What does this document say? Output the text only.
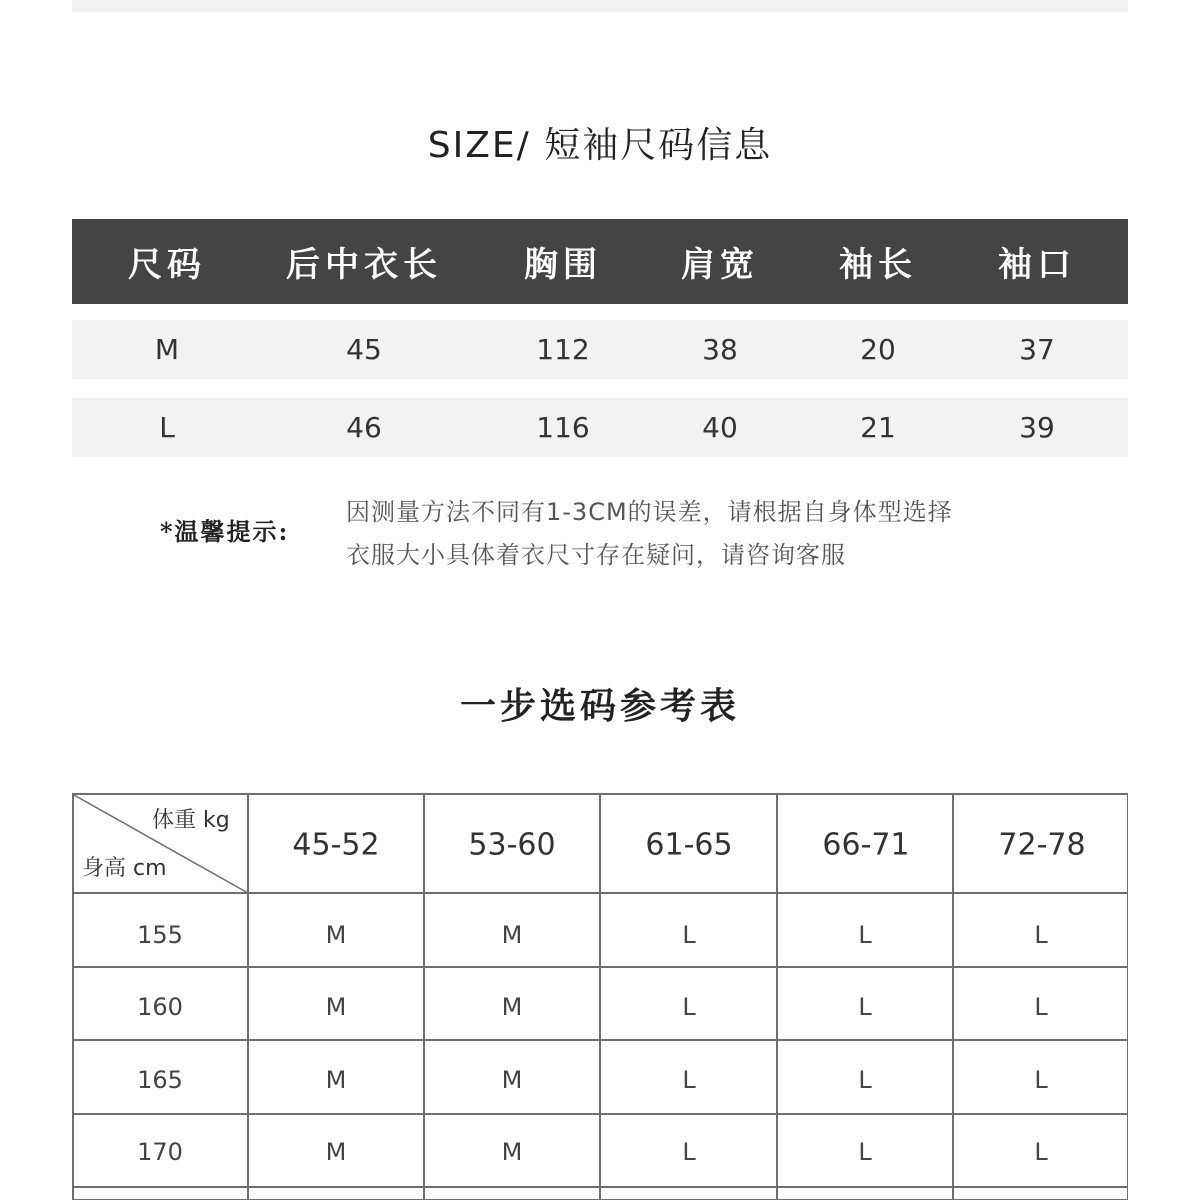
SIZE/ 短袖尺码信息
尺码 后中衣长 胸围 肩宽 袖长 袖口
M	45	112	38	20	37
L	46	116	40	21	39
*温馨提示:
因测量方法不同有1-3CM的误差，请根据自身体型选择
衣服大小具体着衣尺寸存在疑问，请咨询客服
一步选码参考表
体重 kg
身高 cm
45-52	53-60	61-65	66-71	72-78
155	M	M	L	L	L
160	M	M	L	L	L
165	M	M	L	L	L
170	M	M	L	L	L
